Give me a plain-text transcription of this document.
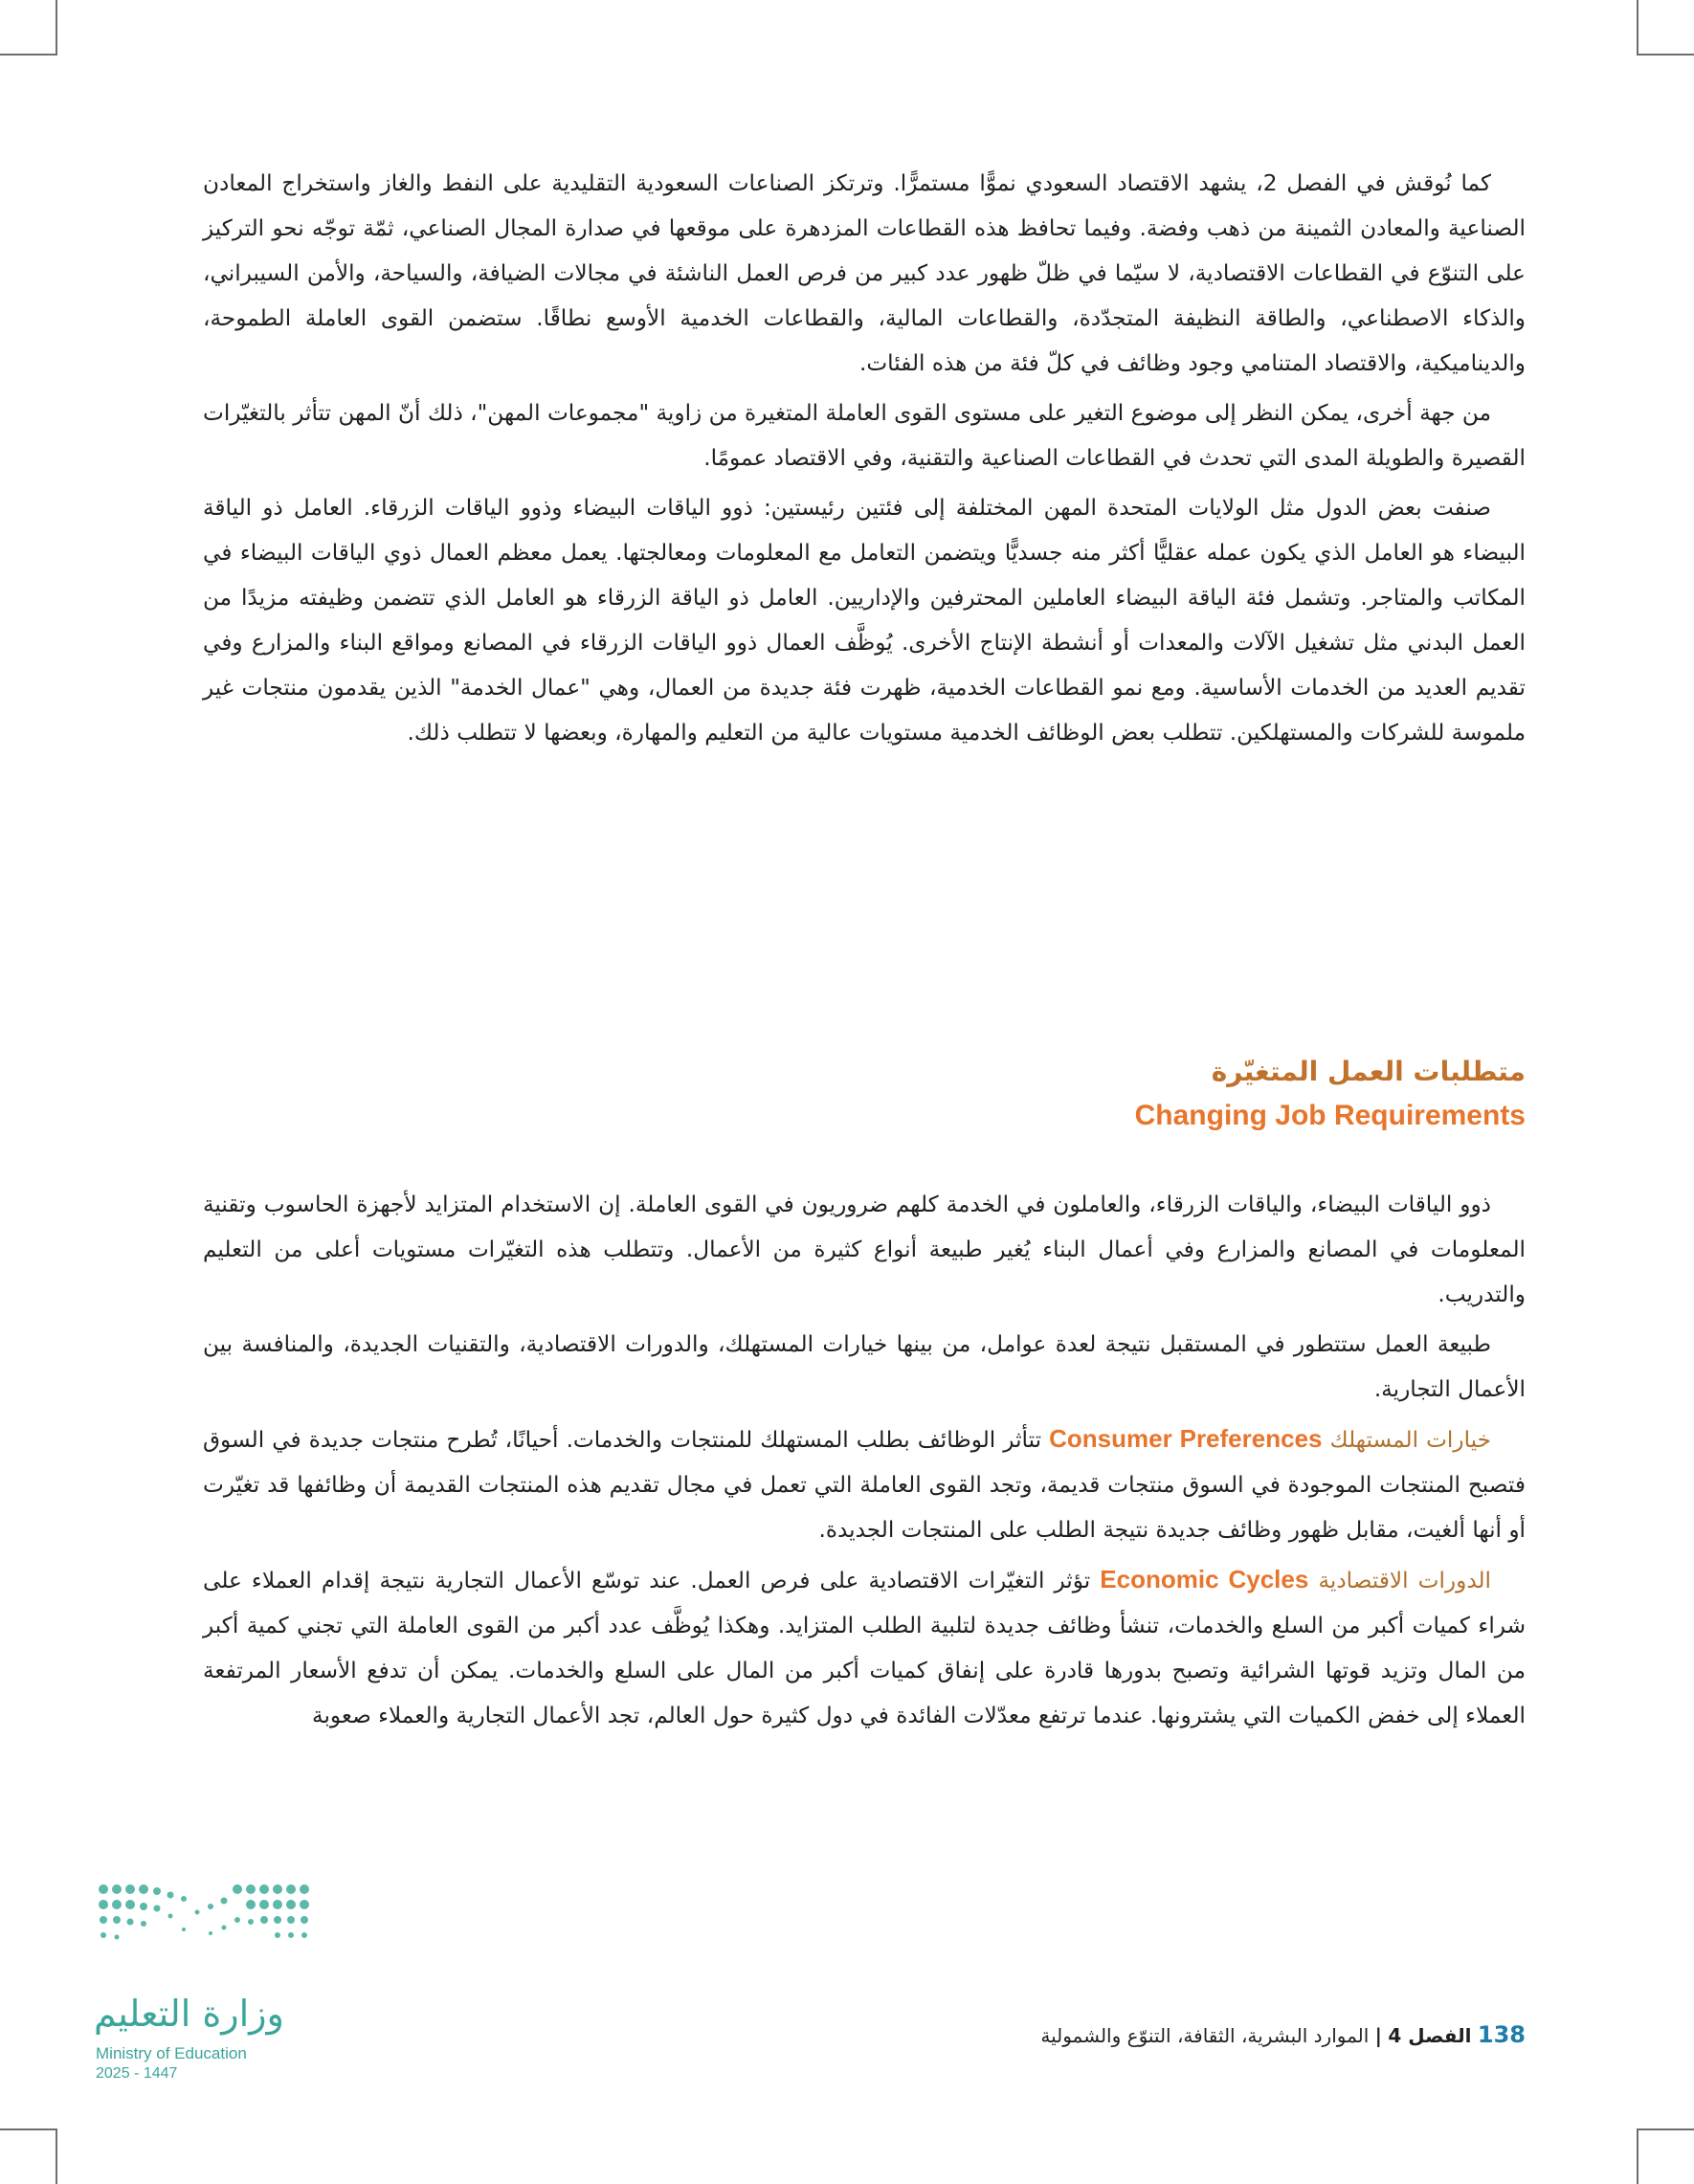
كما نُوقش في الفصل 2، يشهد الاقتصاد السعودي نموًّا مستمرًّا. وترتكز الصناعات السعودية التقليدية على النفط والغاز واستخراج المعادن الصناعية والمعادن الثمينة من ذهب وفضة. وفيما تحافظ هذه القطاعات المزدهرة على موقعها في صدارة المجال الصناعي، ثمّة توجّه نحو التركيز على التنوّع في القطاعات الاقتصادية، لا سيّما في ظلّ ظهور عدد كبير من فرص العمل الناشئة في مجالات الضيافة، والسياحة، والأمن السيبراني، والذكاء الاصطناعي، والطاقة النظيفة المتجدّدة، والقطاعات المالية، والقطاعات الخدمية الأوسع نطاقًا. ستضمن القوى العاملة الطموحة، والديناميكية، والاقتصاد المتنامي وجود وظائف في كلّ فئة من هذه الفئات.

من جهة أخرى، يمكن النظر إلى موضوع التغير على مستوى القوى العاملة المتغيرة من زاوية "مجموعات المهن"، ذلك أنّ المهن تتأثر بالتغيّرات القصيرة والطويلة المدى التي تحدث في القطاعات الصناعية والتقنية، وفي الاقتصاد عمومًا.

صنفت بعض الدول مثل الولايات المتحدة المهن المختلفة إلى فئتين رئيستين: ذوو الياقات البيضاء وذوو الياقات الزرقاء. العامل ذو الياقة البيضاء هو العامل الذي يكون عمله عقليًّا أكثر منه جسديًّا ويتضمن التعامل مع المعلومات ومعالجتها. يعمل معظم العمال ذوي الياقات البيضاء في المكاتب والمتاجر. وتشمل فئة الياقة البيضاء العاملين المحترفين والإداريين. العامل ذو الياقة الزرقاء هو العامل الذي تتضمن وظيفته مزيدًا من العمل البدني مثل تشغيل الآلات والمعدات أو أنشطة الإنتاج الأخرى. يُوظَّف العمال ذوو الياقات الزرقاء في المصانع ومواقع البناء والمزارع وفي تقديم العديد من الخدمات الأساسية. ومع نمو القطاعات الخدمية، ظهرت فئة جديدة من العمال، وهي "عمال الخدمة" الذين يقدمون منتجات غير ملموسة للشركات والمستهلكين. تتطلب بعض الوظائف الخدمية مستويات عالية من التعليم والمهارة، وبعضها لا تتطلب ذلك.

متطلبات العمل المتغيّرة
Changing Job Requirements

ذوو الياقات البيضاء، والياقات الزرقاء، والعاملون في الخدمة كلهم ضروريون في القوى العاملة. إن الاستخدام المتزايد لأجهزة الحاسوب وتقنية المعلومات في المصانع والمزارع وفي أعمال البناء يُغير طبيعة أنواع كثيرة من الأعمال. وتتطلب هذه التغيّرات مستويات أعلى من التعليم والتدريب.

طبيعة العمل ستتطور في المستقبل نتيجة لعدة عوامل، من بينها خيارات المستهلك، والدورات الاقتصادية، والتقنيات الجديدة، والمنافسة بين الأعمال التجارية.

خيارات المستهلك Consumer Preferences تتأثر الوظائف بطلب المستهلك للمنتجات والخدمات. أحيانًا، تُطرح منتجات جديدة في السوق فتصبح المنتجات الموجودة في السوق منتجات قديمة، وتجد القوى العاملة التي تعمل في مجال تقديم هذه المنتجات القديمة أن وظائفها قد تغيّرت أو أنها ألغيت، مقابل ظهور وظائف جديدة نتيجة الطلب على المنتجات الجديدة.

الدورات الاقتصادية Economic Cycles تؤثر التغيّرات الاقتصادية على فرص العمل. عند توسّع الأعمال التجارية نتيجة إقدام العملاء على شراء كميات أكبر من السلع والخدمات، تنشأ وظائف جديدة لتلبية الطلب المتزايد. وهكذا يُوظَّف عدد أكبر من القوى العاملة التي تجني كمية أكبر من المال وتزيد قوتها الشرائية وتصبح بدورها قادرة على إنفاق كميات أكبر من المال على السلع والخدمات. يمكن أن تدفع الأسعار المرتفعة العملاء إلى خفض الكميات التي يشترونها. عندما ترتفع معدّلات الفائدة في دول كثيرة حول العالم، تجد الأعمال التجارية والعملاء صعوبة

وزارة التعليم
Ministry of Education
2025 - 1447
138 الفصل 4 | الموارد البشرية، الثقافة، التنوّع والشمولية
